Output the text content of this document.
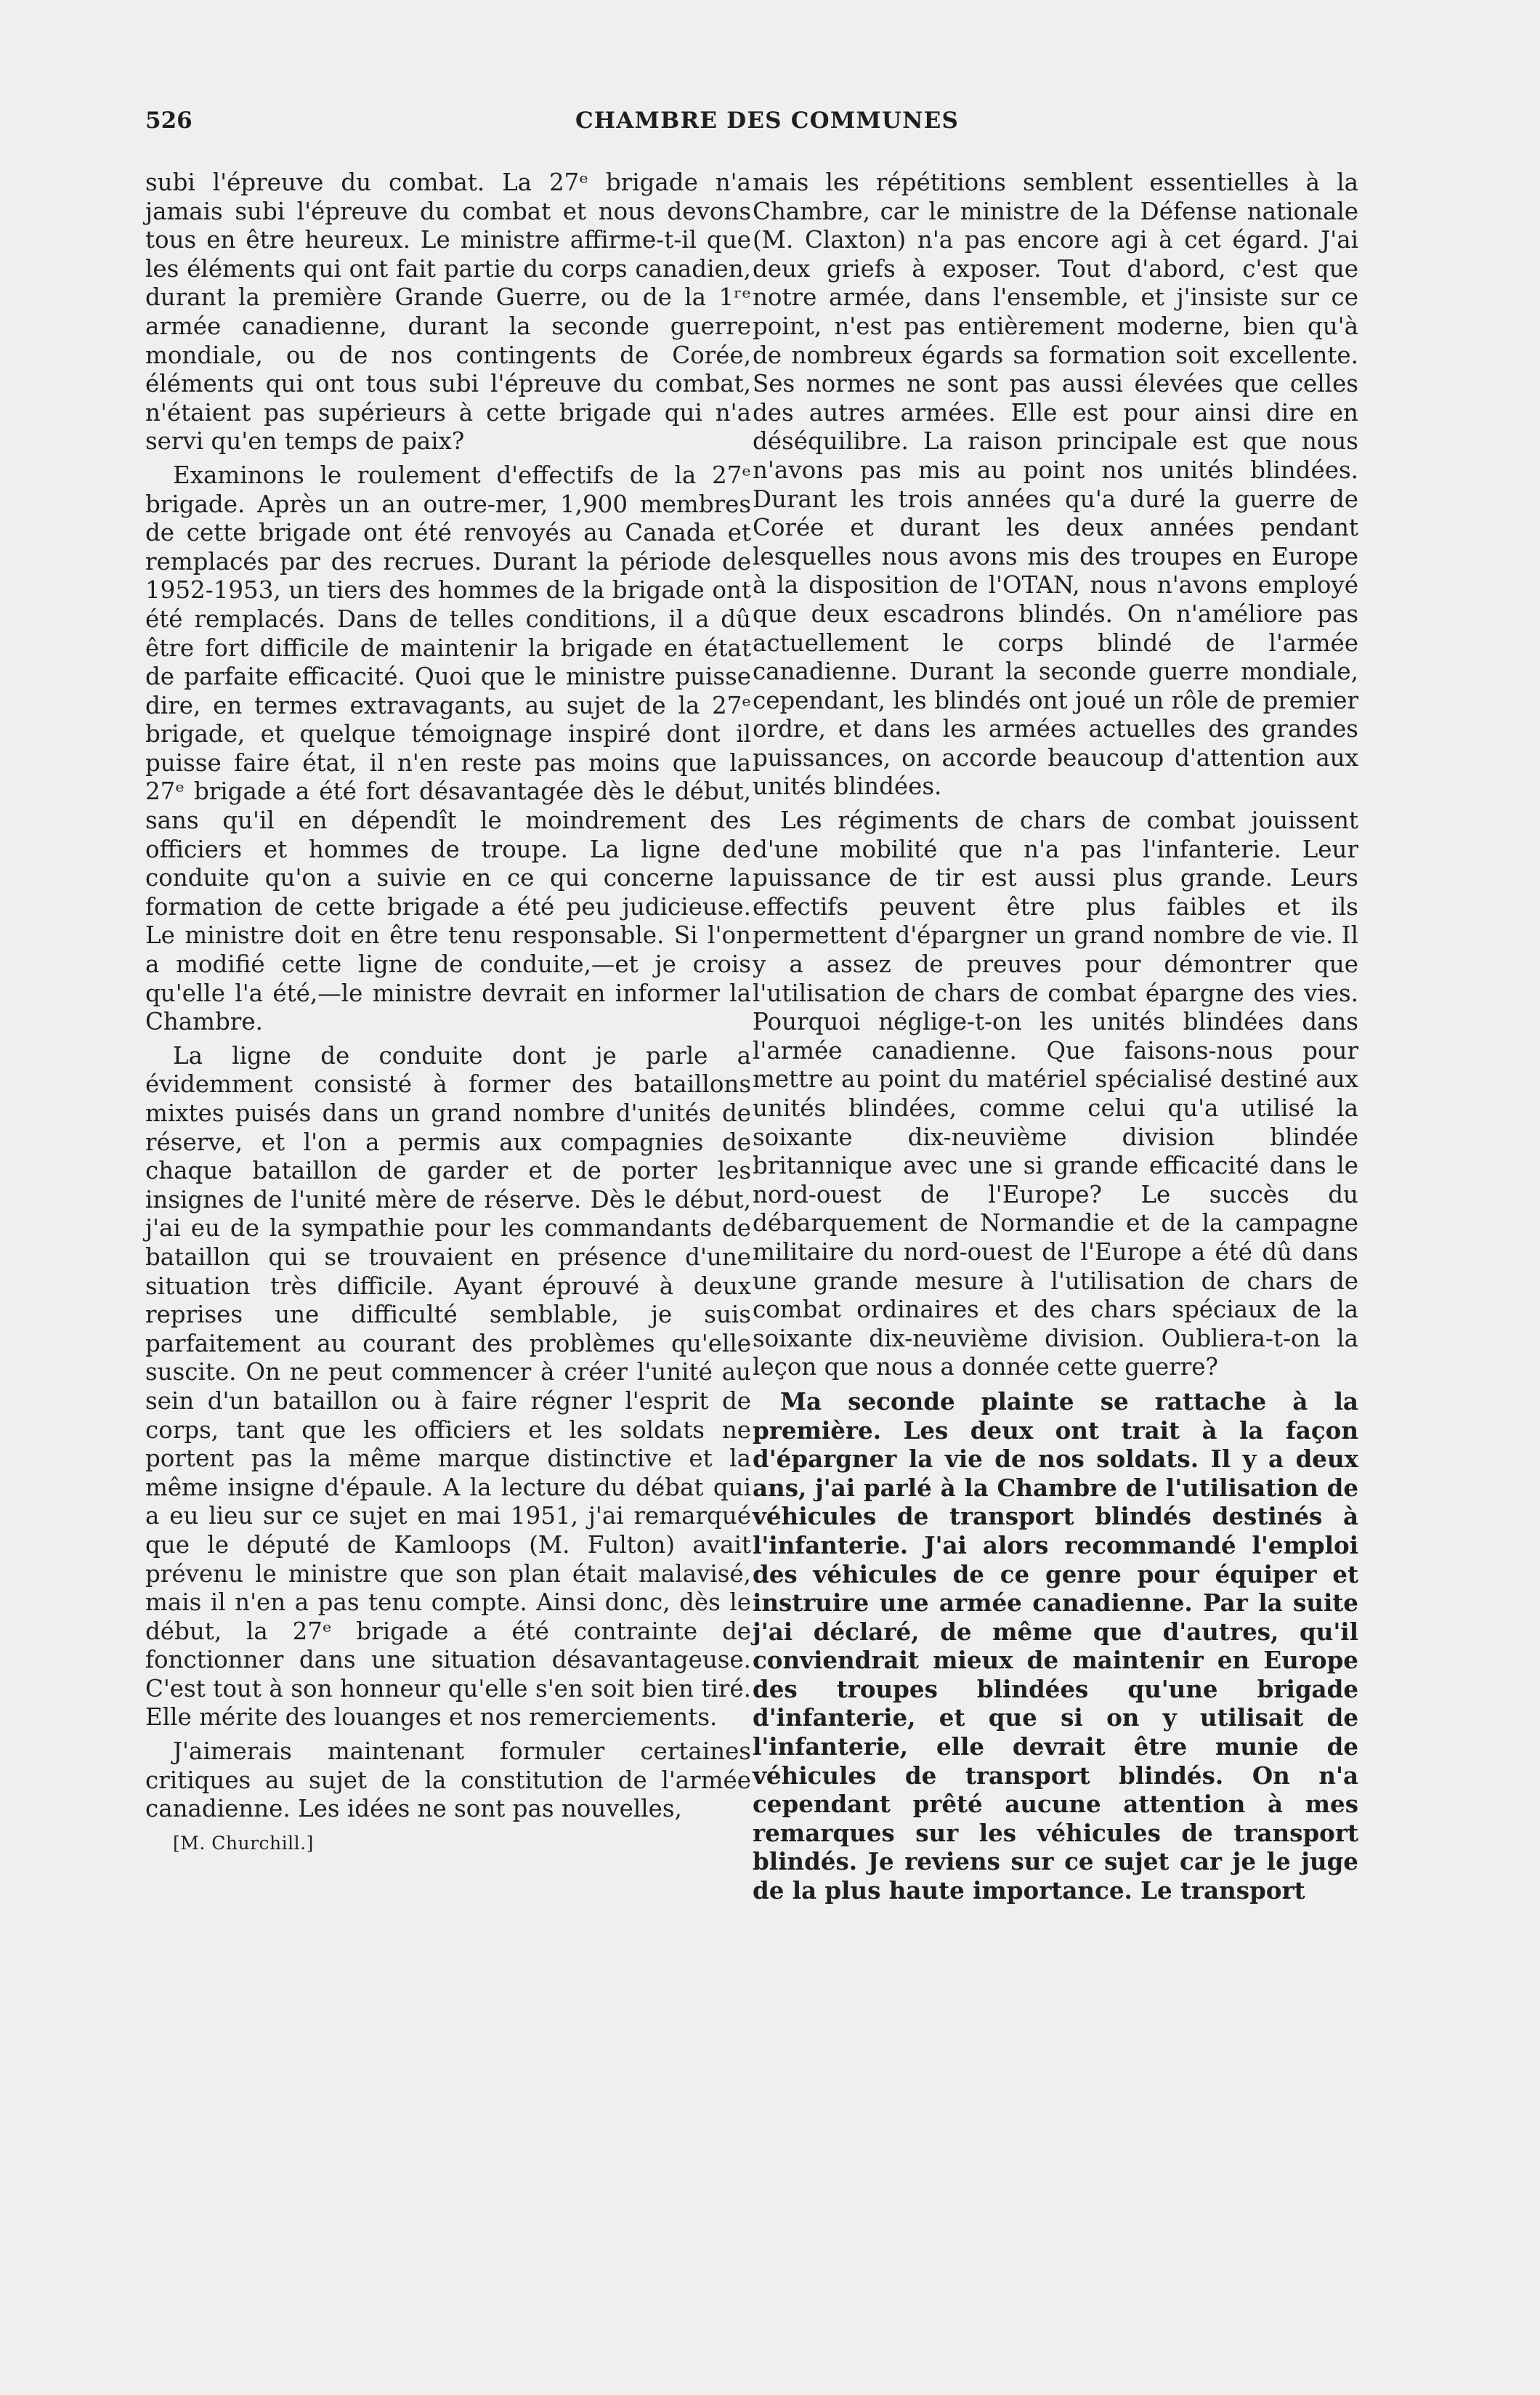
526	CHAMBRE DES COMMUNES

subi l'épreuve du combat. La 27ᵉ brigade n'a jamais subi l'épreuve du combat et nous devons tous en être heureux. Le ministre affirme-t-il que les éléments qui ont fait partie du corps canadien, durant la première Grande Guerre, ou de la 1ʳᵉ armée canadienne, durant la seconde guerre mondiale, ou de nos contingents de Corée, éléments qui ont tous subi l'épreuve du combat, n'étaient pas supérieurs à cette brigade qui n'a servi qu'en temps de paix?

Examinons le roulement d'effectifs de la 27ᵉ brigade. Après un an outre-mer, 1,900 membres de cette brigade ont été renvoyés au Canada et remplacés par des recrues. Durant la période de 1952-1953, un tiers des hommes de la brigade ont été remplacés. Dans de telles conditions, il a dû être fort difficile de maintenir la brigade en état de parfaite efficacité. Quoi que le ministre puisse dire, en termes extravagants, au sujet de la 27ᵉ brigade, et quelque témoignage inspiré dont il puisse faire état, il n'en reste pas moins que la 27ᵉ brigade a été fort désavantagée dès le début, sans qu'il en dépendît le moindrement des officiers et hommes de troupe. La ligne de conduite qu'on a suivie en ce qui concerne la formation de cette brigade a été peu judicieuse. Le ministre doit en être tenu responsable. Si l'on a modifié cette ligne de conduite,—et je crois qu'elle l'a été,—le ministre devrait en informer la Chambre.

La ligne de conduite dont je parle a évidemment consisté à former des bataillons mixtes puisés dans un grand nombre d'unités de réserve, et l'on a permis aux compagnies de chaque bataillon de garder et de porter les insignes de l'unité mère de réserve. Dès le début, j'ai eu de la sympathie pour les commandants de bataillon qui se trouvaient en présence d'une situation très difficile. Ayant éprouvé à deux reprises une difficulté semblable, je suis parfaitement au courant des problèmes qu'elle suscite. On ne peut commencer à créer l'unité au sein d'un bataillon ou à faire régner l'esprit de corps, tant que les officiers et les soldats ne portent pas la même marque distinctive et la même insigne d'épaule. A la lecture du débat qui a eu lieu sur ce sujet en mai 1951, j'ai remarqué que le député de Kamloops (M. Fulton) avait prévenu le ministre que son plan était malavisé, mais il n'en a pas tenu compte. Ainsi donc, dès le début, la 27ᵉ brigade a été contrainte de fonctionner dans une situation désavantageuse. C'est tout à son honneur qu'elle s'en soit bien tiré. Elle mérite des louanges et nos remerciements.

J'aimerais maintenant formuler certaines critiques au sujet de la constitution de l'armée canadienne. Les idées ne sont pas nouvelles,

[M. Churchill.]

mais les répétitions semblent essentielles à la Chambre, car le ministre de la Défense nationale (M. Claxton) n'a pas encore agi à cet égard. J'ai deux griefs à exposer. Tout d'abord, c'est que notre armée, dans l'ensemble, et j'insiste sur ce point, n'est pas entièrement moderne, bien qu'à de nombreux égards sa formation soit excellente. Ses normes ne sont pas aussi élevées que celles des autres armées. Elle est pour ainsi dire en déséquilibre. La raison principale est que nous n'avons pas mis au point nos unités blindées. Durant les trois années qu'a duré la guerre de Corée et durant les deux années pendant lesquelles nous avons mis des troupes en Europe à la disposition de l'OTAN, nous n'avons employé que deux escadrons blindés. On n'améliore pas actuellement le corps blindé de l'armée canadienne. Durant la seconde guerre mondiale, cependant, les blindés ont joué un rôle de premier ordre, et dans les armées actuelles des grandes puissances, on accorde beaucoup d'attention aux unités blindées.

Les régiments de chars de combat jouissent d'une mobilité que n'a pas l'infanterie. Leur puissance de tir est aussi plus grande. Leurs effectifs peuvent être plus faibles et ils permettent d'épargner un grand nombre de vie. Il y a assez de preuves pour démontrer que l'utilisation de chars de combat épargne des vies. Pourquoi néglige-t-on les unités blindées dans l'armée canadienne. Que faisons-nous pour mettre au point du matériel spécialisé destiné aux unités blindées, comme celui qu'a utilisé la soixante dix-neuvième division blindée britannique avec une si grande efficacité dans le nord-ouest de l'Europe? Le succès du débarquement de Normandie et de la campagne militaire du nord-ouest de l'Europe a été dû dans une grande mesure à l'utilisation de chars de combat ordinaires et des chars spéciaux de la soixante dix-neuvième division. Oubliera-t-on la leçon que nous a donnée cette guerre?

Ma seconde plainte se rattache à la première. Les deux ont trait à la façon d'épargner la vie de nos soldats. Il y a deux ans, j'ai parlé à la Chambre de l'utilisation de véhicules de transport blindés destinés à l'infanterie. J'ai alors recommandé l'emploi des véhicules de ce genre pour équiper et instruire une armée canadienne. Par la suite j'ai déclaré, de même que d'autres, qu'il conviendrait mieux de maintenir en Europe des troupes blindées qu'une brigade d'infanterie, et que si on y utilisait de l'infanterie, elle devrait être munie de véhicules de transport blindés. On n'a cependant prêté aucune attention à mes remarques sur les véhicules de transport blindés. Je reviens sur ce sujet car je le juge de la plus haute importance. Le transport
